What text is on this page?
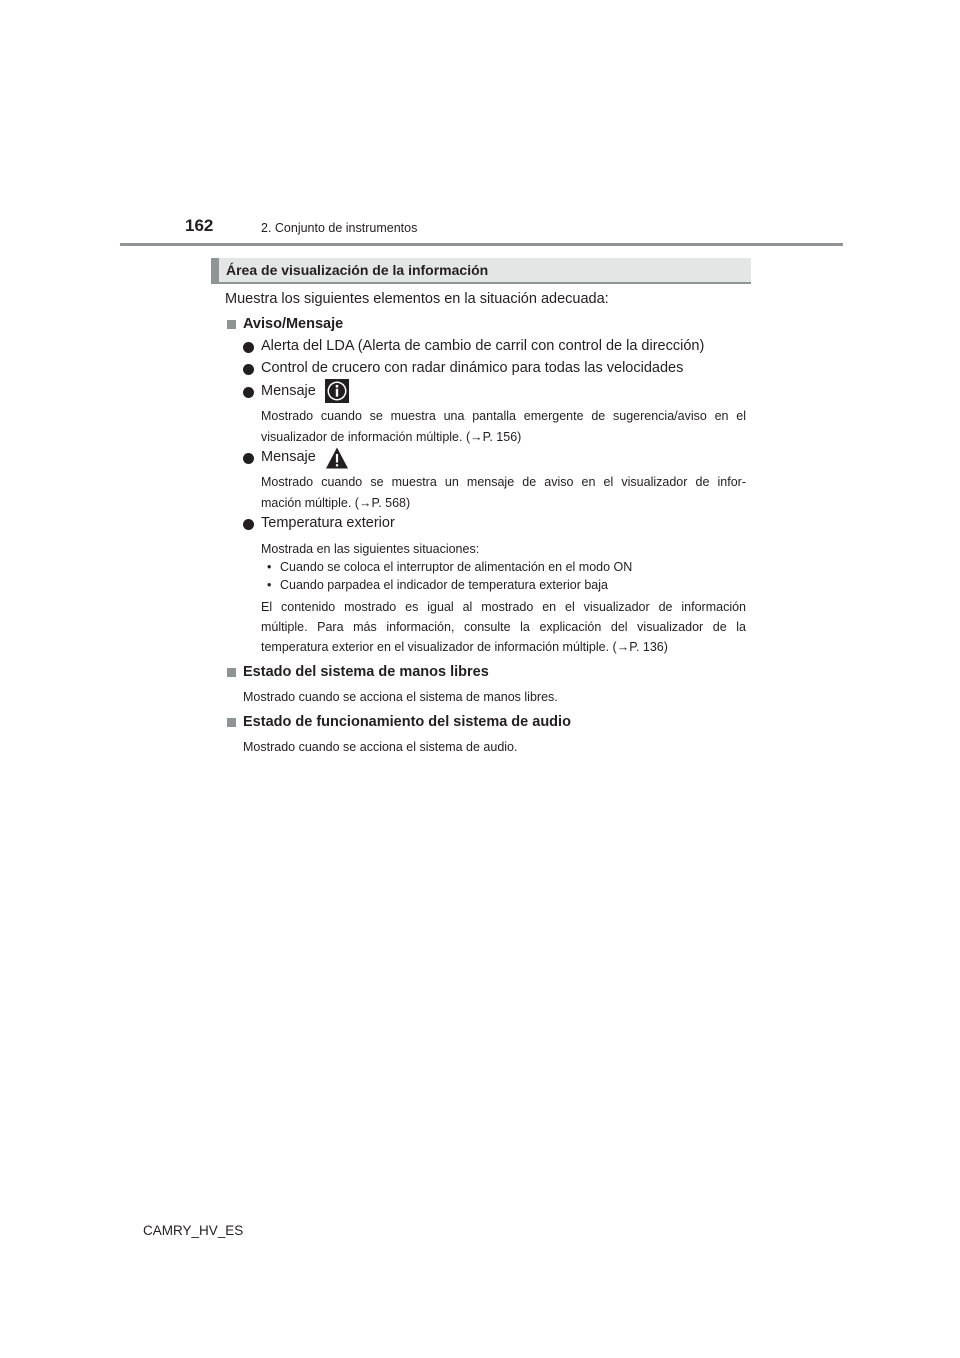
162	2. Conjunto de instrumentos
Área de visualización de la información
Muestra los siguientes elementos en la situación adecuada:
Aviso/Mensaje
Alerta del LDA (Alerta de cambio de carril con control de la dirección)
Control de crucero con radar dinámico para todas las velocidades
Mensaje
Mostrado cuando se muestra una pantalla emergente de sugerencia/aviso en el
visualizador de información múltiple. (→P. 156)
Mensaje
Mostrado cuando se muestra un mensaje de aviso en el visualizador de infor-
mación múltiple. (→P. 568)
Temperatura exterior
Mostrada en las siguientes situaciones:
• Cuando se coloca el interruptor de alimentación en el modo ON
• Cuando parpadea el indicador de temperatura exterior baja
El contenido mostrado es igual al mostrado en el visualizador de información
múltiple. Para más información, consulte la explicación del visualizador de la
temperatura exterior en el visualizador de información múltiple. (→P. 136)
Estado del sistema de manos libres
Mostrado cuando se acciona el sistema de manos libres.
Estado de funcionamiento del sistema de audio
Mostrado cuando se acciona el sistema de audio.
CAMRY_HV_ES
